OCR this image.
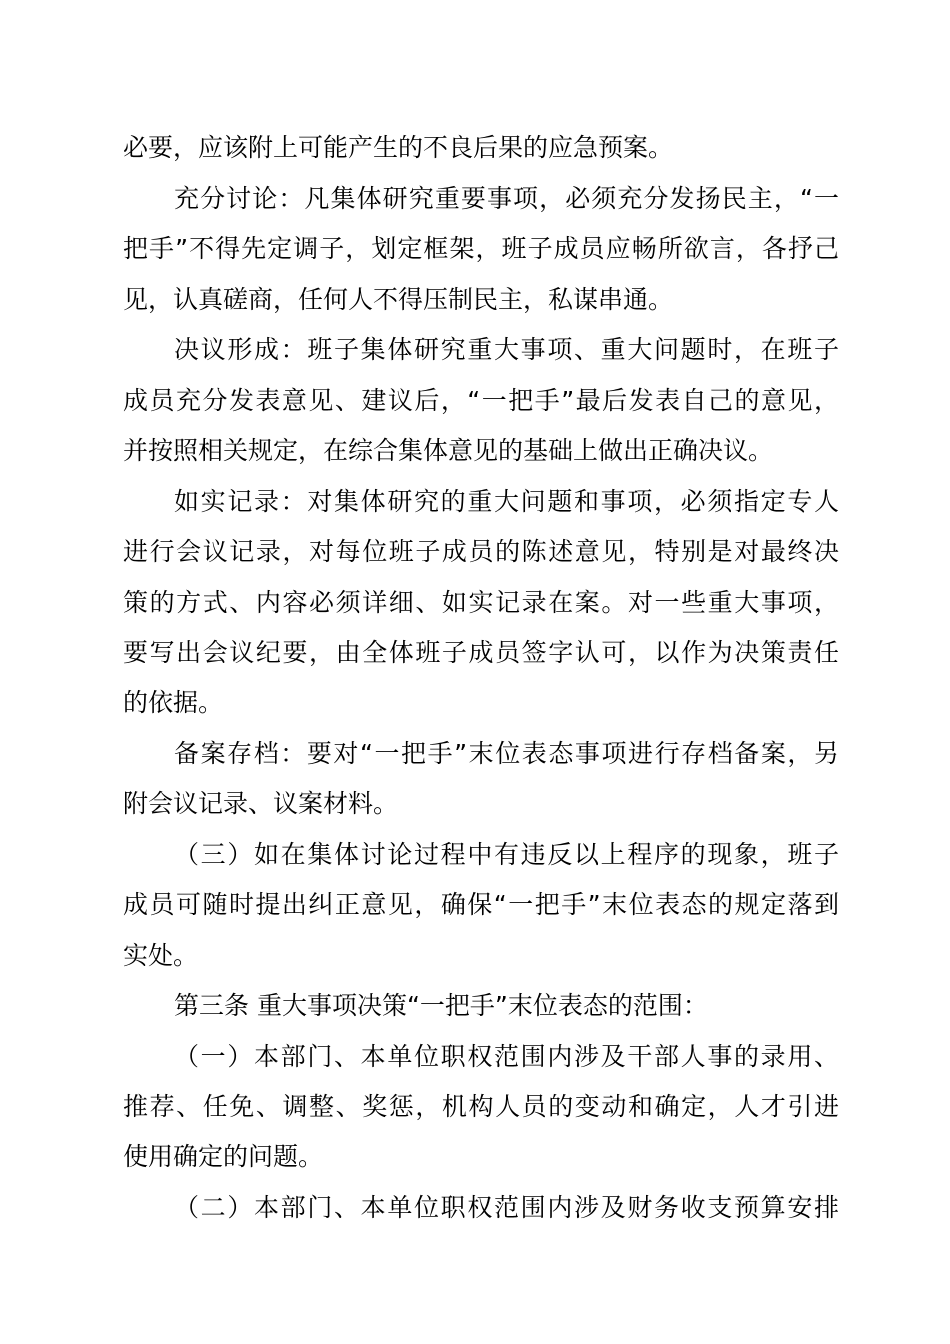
必要，应该附上可能产生的不良后果的应急预案。
充分讨论：凡集体研究重要事项，必须充分发扬民主，“一
把手”不得先定调子，划定框架，班子成员应畅所欲言，各抒己
见，认真磋商，任何人不得压制民主，私谋串通。
决议形成：班子集体研究重大事项、重大问题时，在班子
成员充分发表意见、建议后，“一把手”最后发表自己的意见，
并按照相关规定，在综合集体意见的基础上做出正确决议。
如实记录：对集体研究的重大问题和事项，必须指定专人
进行会议记录，对每位班子成员的陈述意见，特别是对最终决
策的方式、内容必须详细、如实记录在案。对一些重大事项，
要写出会议纪要，由全体班子成员签字认可，以作为决策责任
的依据。
备案存档：要对“一把手”末位表态事项进行存档备案，另
附会议记录、议案材料。
（三）如在集体讨论过程中有违反以上程序的现象，班子
成员可随时提出纠正意见，确保“一把手”末位表态的规定落到
实处。
第三条 重大事项决策“一把手”末位表态的范围：
（一）本部门、本单位职权范围内涉及干部人事的录用、
推荐、任免、调整、奖惩，机构人员的变动和确定，人才引进
使用确定的问题。
（二）本部门、本单位职权范围内涉及财务收支预算安排
